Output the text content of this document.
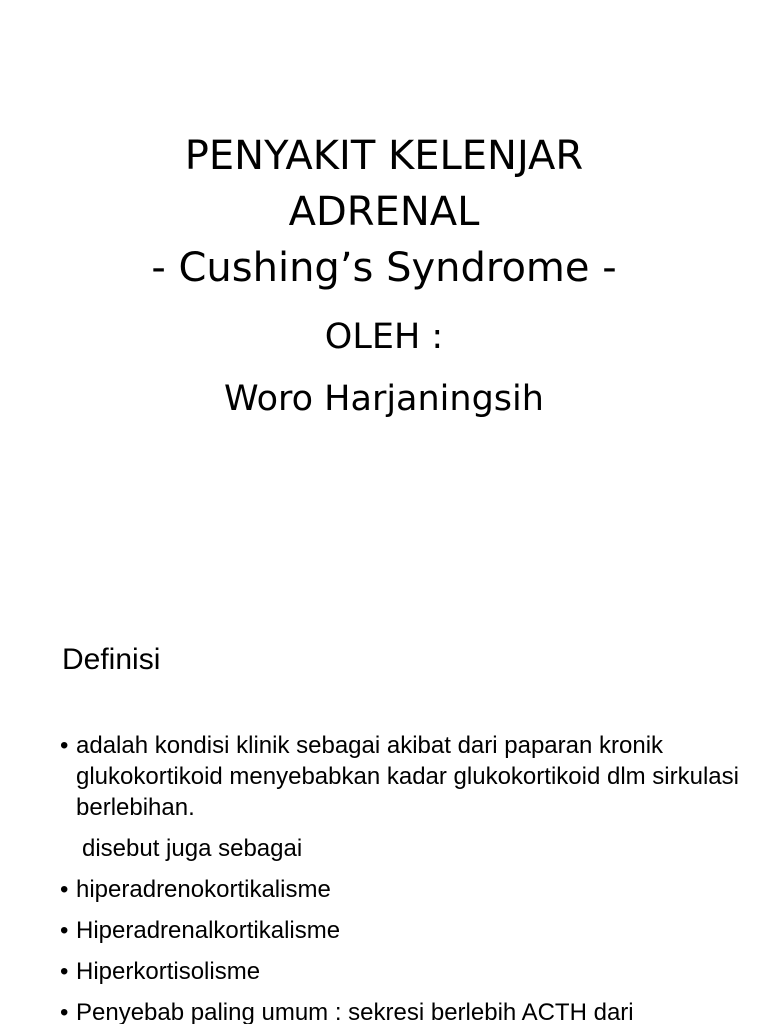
PENYAKIT KELENJAR
ADRENAL
- Cushing’s Syndrome -
OLEH :
Woro Harjaningsih
Definisi
• adalah kondisi klinik sebagai akibat dari paparan kronik glukokortikoid menyebabkan kadar glukokortikoid dlm sirkulasi berlebihan.
disebut juga sebagai
• hiperadrenokortikalisme
• Hiperadrenalkortikalisme
• Hiperkortisolisme
• Penyebab paling umum : sekresi berlebih ACTH dari
